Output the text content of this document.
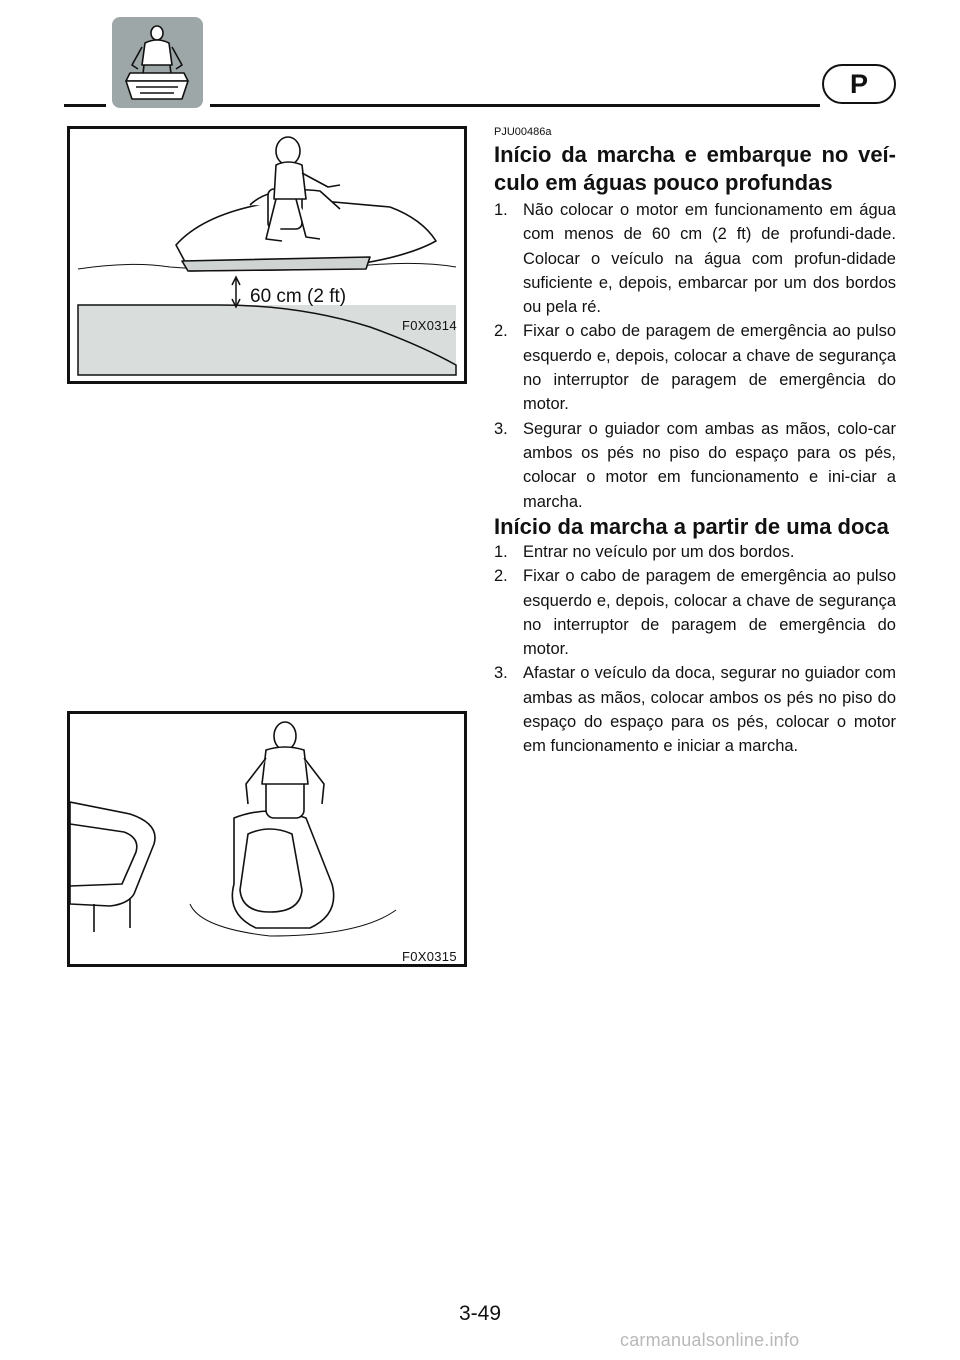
P
60 cm (2 ft)
F0X0314
F0X0315
PJU00486a
Início da marcha e embarque no veí-
culo em águas pouco profundas
1. Não colocar o motor em funcionamento em água com menos de 60 cm (2 ft) de profundi-dade. Colocar o veículo na água com profun-didade suficiente e, depois, embarcar por um dos bordos ou pela ré.
2. Fixar o cabo de paragem de emergência ao pulso esquerdo e, depois, colocar a chave de segurança no interruptor de paragem de emergência do motor.
3. Segurar o guiador com ambas as mãos, colo-car ambos os pés no piso do espaço para os pés, colocar o motor em funcionamento e ini-ciar a marcha.
Início da marcha a partir de uma doca
1. Entrar no veículo por um dos bordos.
2. Fixar o cabo de paragem de emergência ao pulso esquerdo e, depois, colocar a chave de segurança no interruptor de paragem de emergência do motor.
3. Afastar o veículo da doca, segurar no guiador com ambas as mãos, colocar ambos os pés no piso do espaço do espaço para os pés, colocar o motor em funcionamento e iniciar a marcha.
3-49
carmanualsonline.info
